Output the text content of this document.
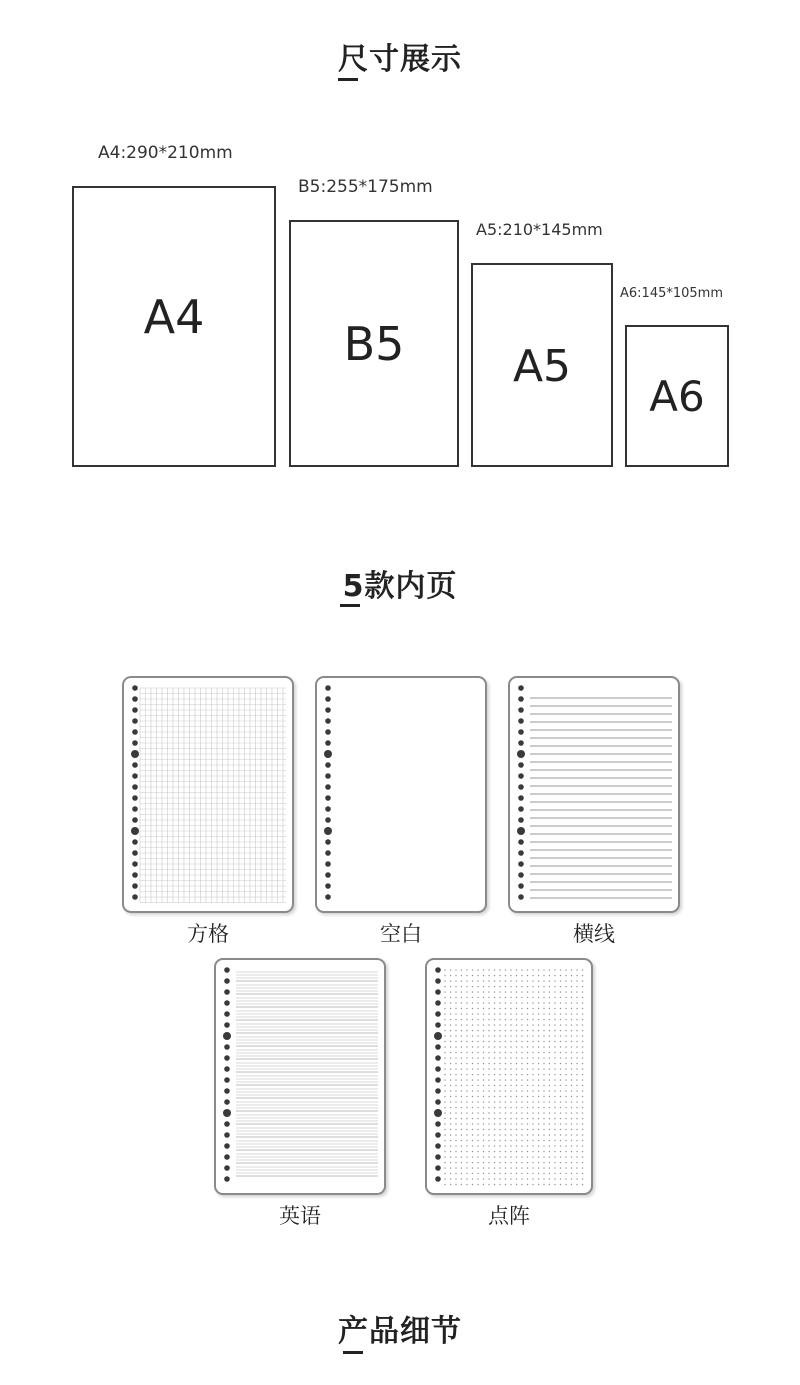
尺寸展示
A4:290*210mm
A4
B5:255*175mm
B5
A5:210*145mm
A5
A6:145*105mm
A6
5款内页
方格	空白	横线
英语	点阵
产品细节
